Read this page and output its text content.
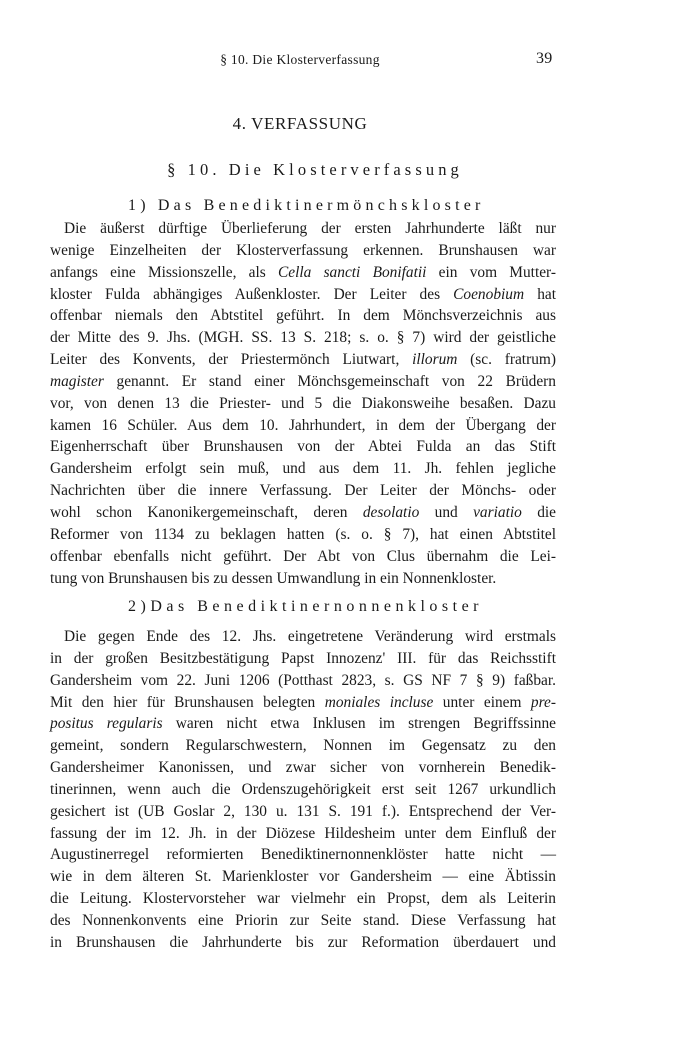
§ 10. Die Klosterverfassung	39
4. VERFASSUNG
§ 10. Die Klosterverfassung
1) Das Benediktinermönchskloster

Die äußerst dürftige Überlieferung der ersten Jahrhunderte läßt nur
wenige Einzelheiten der Klosterverfassung erkennen. Brunshausen war
anfangs eine Missionszelle, als Cella sancti Bonifatii ein vom Mutter-
kloster Fulda abhängiges Außenkloster. Der Leiter des Coenobium hat
offenbar niemals den Abtstitel geführt. In dem Mönchsverzeichnis aus
der Mitte des 9. Jhs. (MGH. SS. 13 S. 218; s. o. § 7) wird der geistliche
Leiter des Konvents, der Priestermönch Liutwart, illorum (sc. fratrum)
magister genannt. Er stand einer Mönchsgemeinschaft von 22 Brüdern
vor, von denen 13 die Priester- und 5 die Diakonsweihe besaßen. Dazu
kamen 16 Schüler. Aus dem 10. Jahrhundert, in dem der Übergang der
Eigenherrschaft über Brunshausen von der Abtei Fulda an das Stift
Gandersheim erfolgt sein muß, und aus dem 11. Jh. fehlen jegliche
Nachrichten über die innere Verfassung. Der Leiter der Mönchs- oder
wohl schon Kanonikergemeinschaft, deren desolatio und variatio die
Reformer von 1134 zu beklagen hatten (s. o. § 7), hat einen Abtstitel
offenbar ebenfalls nicht geführt. Der Abt von Clus übernahm die Lei-
tung von Brunshausen bis zu dessen Umwandlung in ein Nonnenkloster.

2)Das Benediktinernonnenkloster

Die gegen Ende des 12. Jhs. eingetretene Veränderung wird erstmals
in der großen Besitzbestätigung Papst Innozenz' III. für das Reichsstift
Gandersheim vom 22. Juni 1206 (Potthast 2823, s. GS NF 7 § 9) faßbar.
Mit den hier für Brunshausen belegten moniales incluse unter einem pre-
positus regularis waren nicht etwa Inklusen im strengen Begriffssinne
gemeint, sondern Regularschwestern, Nonnen im Gegensatz zu den
Gandersheimer Kanonissen, und zwar sicher von vornherein Benedik-
tinerinnen, wenn auch die Ordenszugehörigkeit erst seit 1267 urkundlich
gesichert ist (UB Goslar 2, 130 u. 131 S. 191 f.). Entsprechend der Ver-
fassung der im 12. Jh. in der Diözese Hildesheim unter dem Einfluß der
Augustinerregel reformierten Benediktinernonnenklöster hatte nicht —
wie in dem älteren St. Marienkloster vor Gandersheim — eine Äbtissin
die Leitung. Klostervorsteher war vielmehr ein Propst, dem als Leiterin
des Nonnenkonvents eine Priorin zur Seite stand. Diese Verfassung hat
in Brunshausen die Jahrhunderte bis zur Reformation überdauert und
